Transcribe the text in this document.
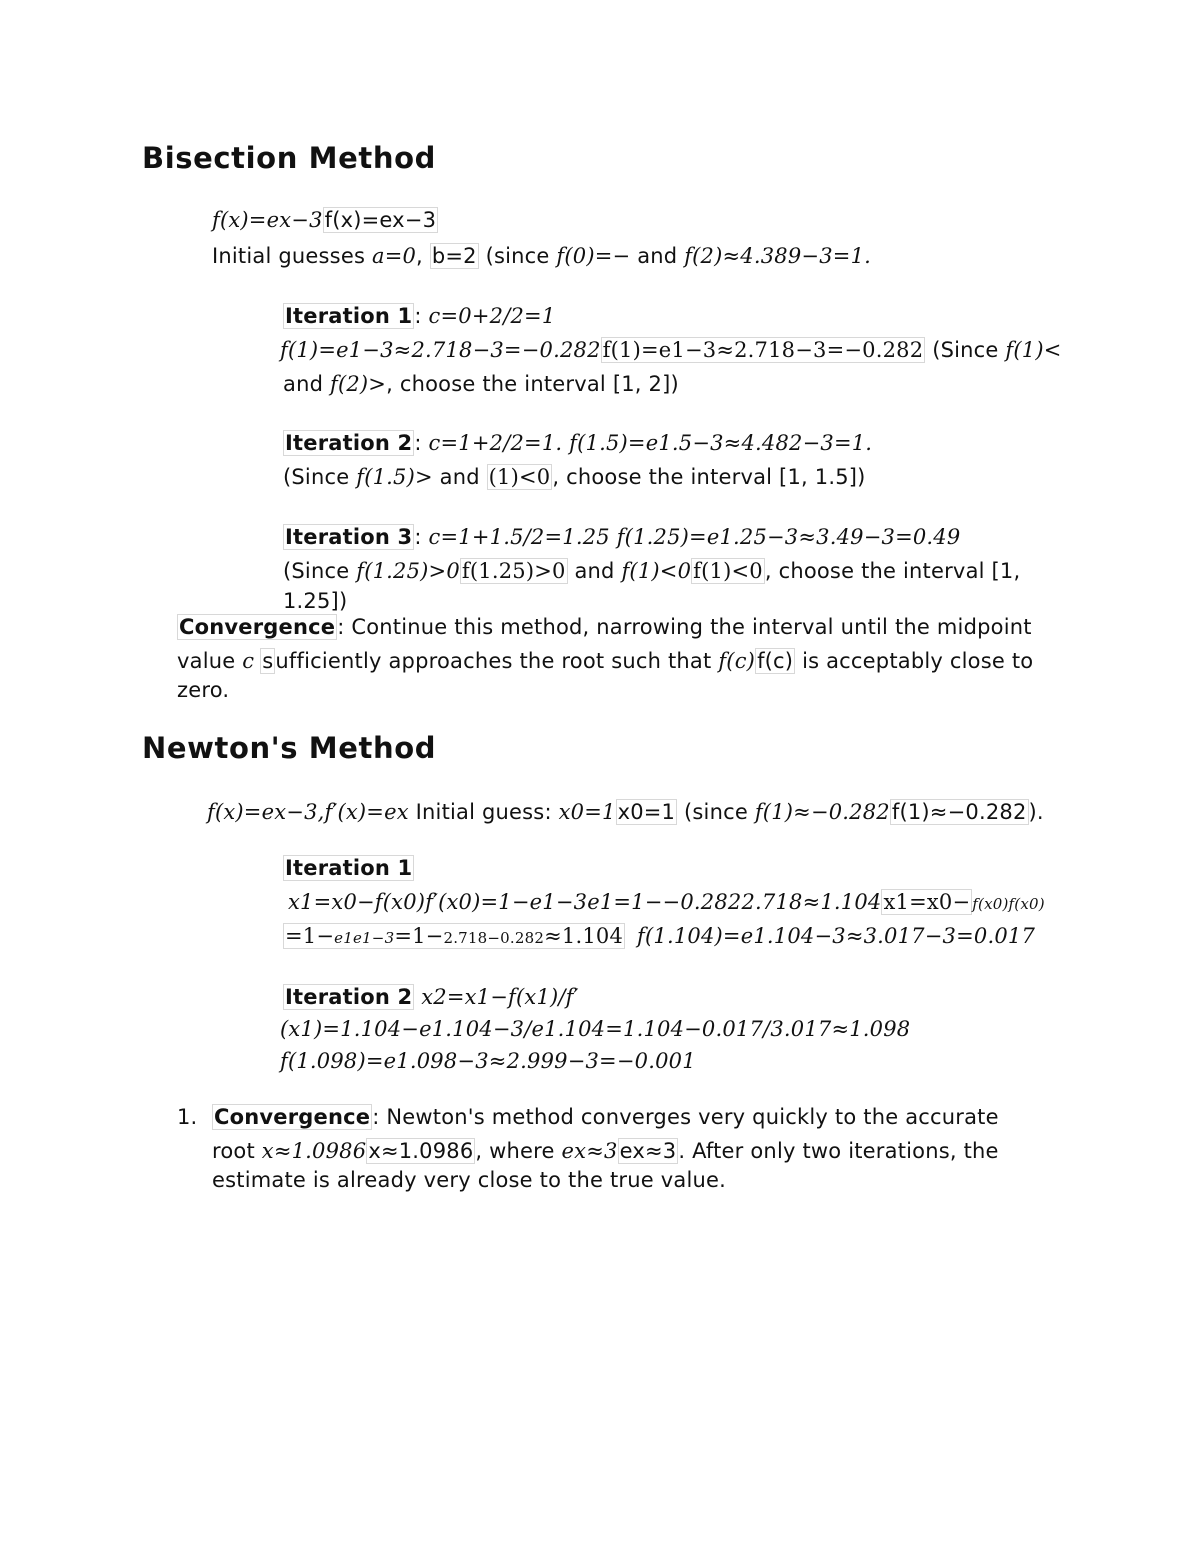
Bisection Method
f(x)=ex−3f(x)=ex−3
Initial guesses a=0, b=2 (since f(0)=− and f(2)≈4.389−3=1.
Iteration 1: c=0+2/2=1
f(1)=e1−3≈2.718−3=−0.282f(1)=e1−3≈2.718−3=−0.282 (Since f(1)<
and f(2)>, choose the interval [1, 2])
Iteration 2: c=1+2/2=1. f(1.5)=e1.5−3≈4.482−3=1.
(Since f(1.5)> and (1)<0, choose the interval [1, 1.5])
Iteration 3: c=1+1.5/2=1.25 f(1.25)=e1.25−3≈3.49−3=0.49
(Since f(1.25)>0f(1.25)>0 and f(1)<0f(1)<0, choose the interval [1,
1.25])
Convergence: Continue this method, narrowing the interval until the midpoint
value c sufficiently approaches the root such that f(c)f(c) is acceptably close to
zero.
Newton's Method
f(x)=ex−3,f′(x)=ex Initial guess: x0=1x0=1 (since f(1)≈−0.282f(1)≈−0.282).
Iteration 1
x1=x0−f(x0)f′(x0)=1−e1−3e1=1−−0.2822.718≈1.104x1=x0− f(x0)f(x0)
=1−e1e1−3=1−2.718−0.282≈1.104 f(1.104)=e1.104−3≈3.017−3=0.017
Iteration 2 x2=x1−f(x1)/f′
(x1)=1.104−e1.104−3/e1.104=1.104−0.017/3.017≈1.098
f(1.098)=e1.098−3≈2.999−3=−0.001
1. Convergence: Newton's method converges very quickly to the accurate
root x≈1.0986x≈1.0986, where ex≈3ex≈3. After only two iterations, the
estimate is already very close to the true value.
